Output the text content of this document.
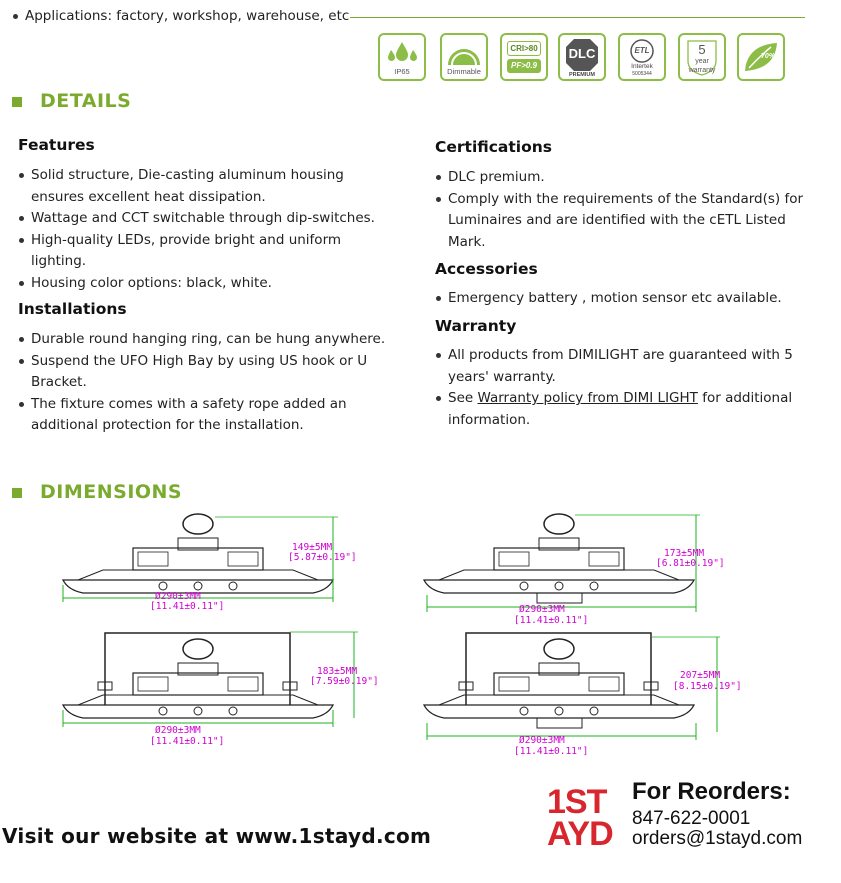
Applications: factory, workshop, warehouse, etc
IP65	Dimmable
CRI>80
PF>0.9
DLC
PREMIUM
ETL
Intertek
5005344
5
year
warranty
70%
DETAILS
Features
Solid structure, Die-casting aluminum housing
ensures excellent heat dissipation.
Wattage and CCT switchable through dip-switches.
High-quality LEDs, provide bright and uniform
lighting.
Housing color options: black, white.
Installations
Durable round hanging ring, can be hung anywhere.
Suspend the UFO High Bay by using US hook or U
Bracket.
The fixture comes with a safety rope added an
additional protection for the installation.
Certifications
DLC premium.
Comply with the requirements of the Standard(s) for
Luminaires and are identified with the cETL Listed
Mark.
Accessories
Emergency battery , motion sensor etc available.
Warranty
All products from DIMILIGHT are guaranteed with 5
years' warranty.
See Warranty policy from DIMI LIGHT for additional
information.
DIMENSIONS
149±5MM
[5.87±0.19"]
Ø290±3MM
[11.41±0.11"]
173±5MM
[6.81±0.19"]
Ø290±3MM
[11.41±0.11"]
183±5MM
[7.59±0.19"]
Ø290±3MM
[11.41±0.11"]
207±5MM
[8.15±0.19"]
Ø290±3MM
[11.41±0.11"]
Visit our website at www.1stayd.com
1ST
AYD
For Reorders:
847-622-0001
orders@1stayd.com
